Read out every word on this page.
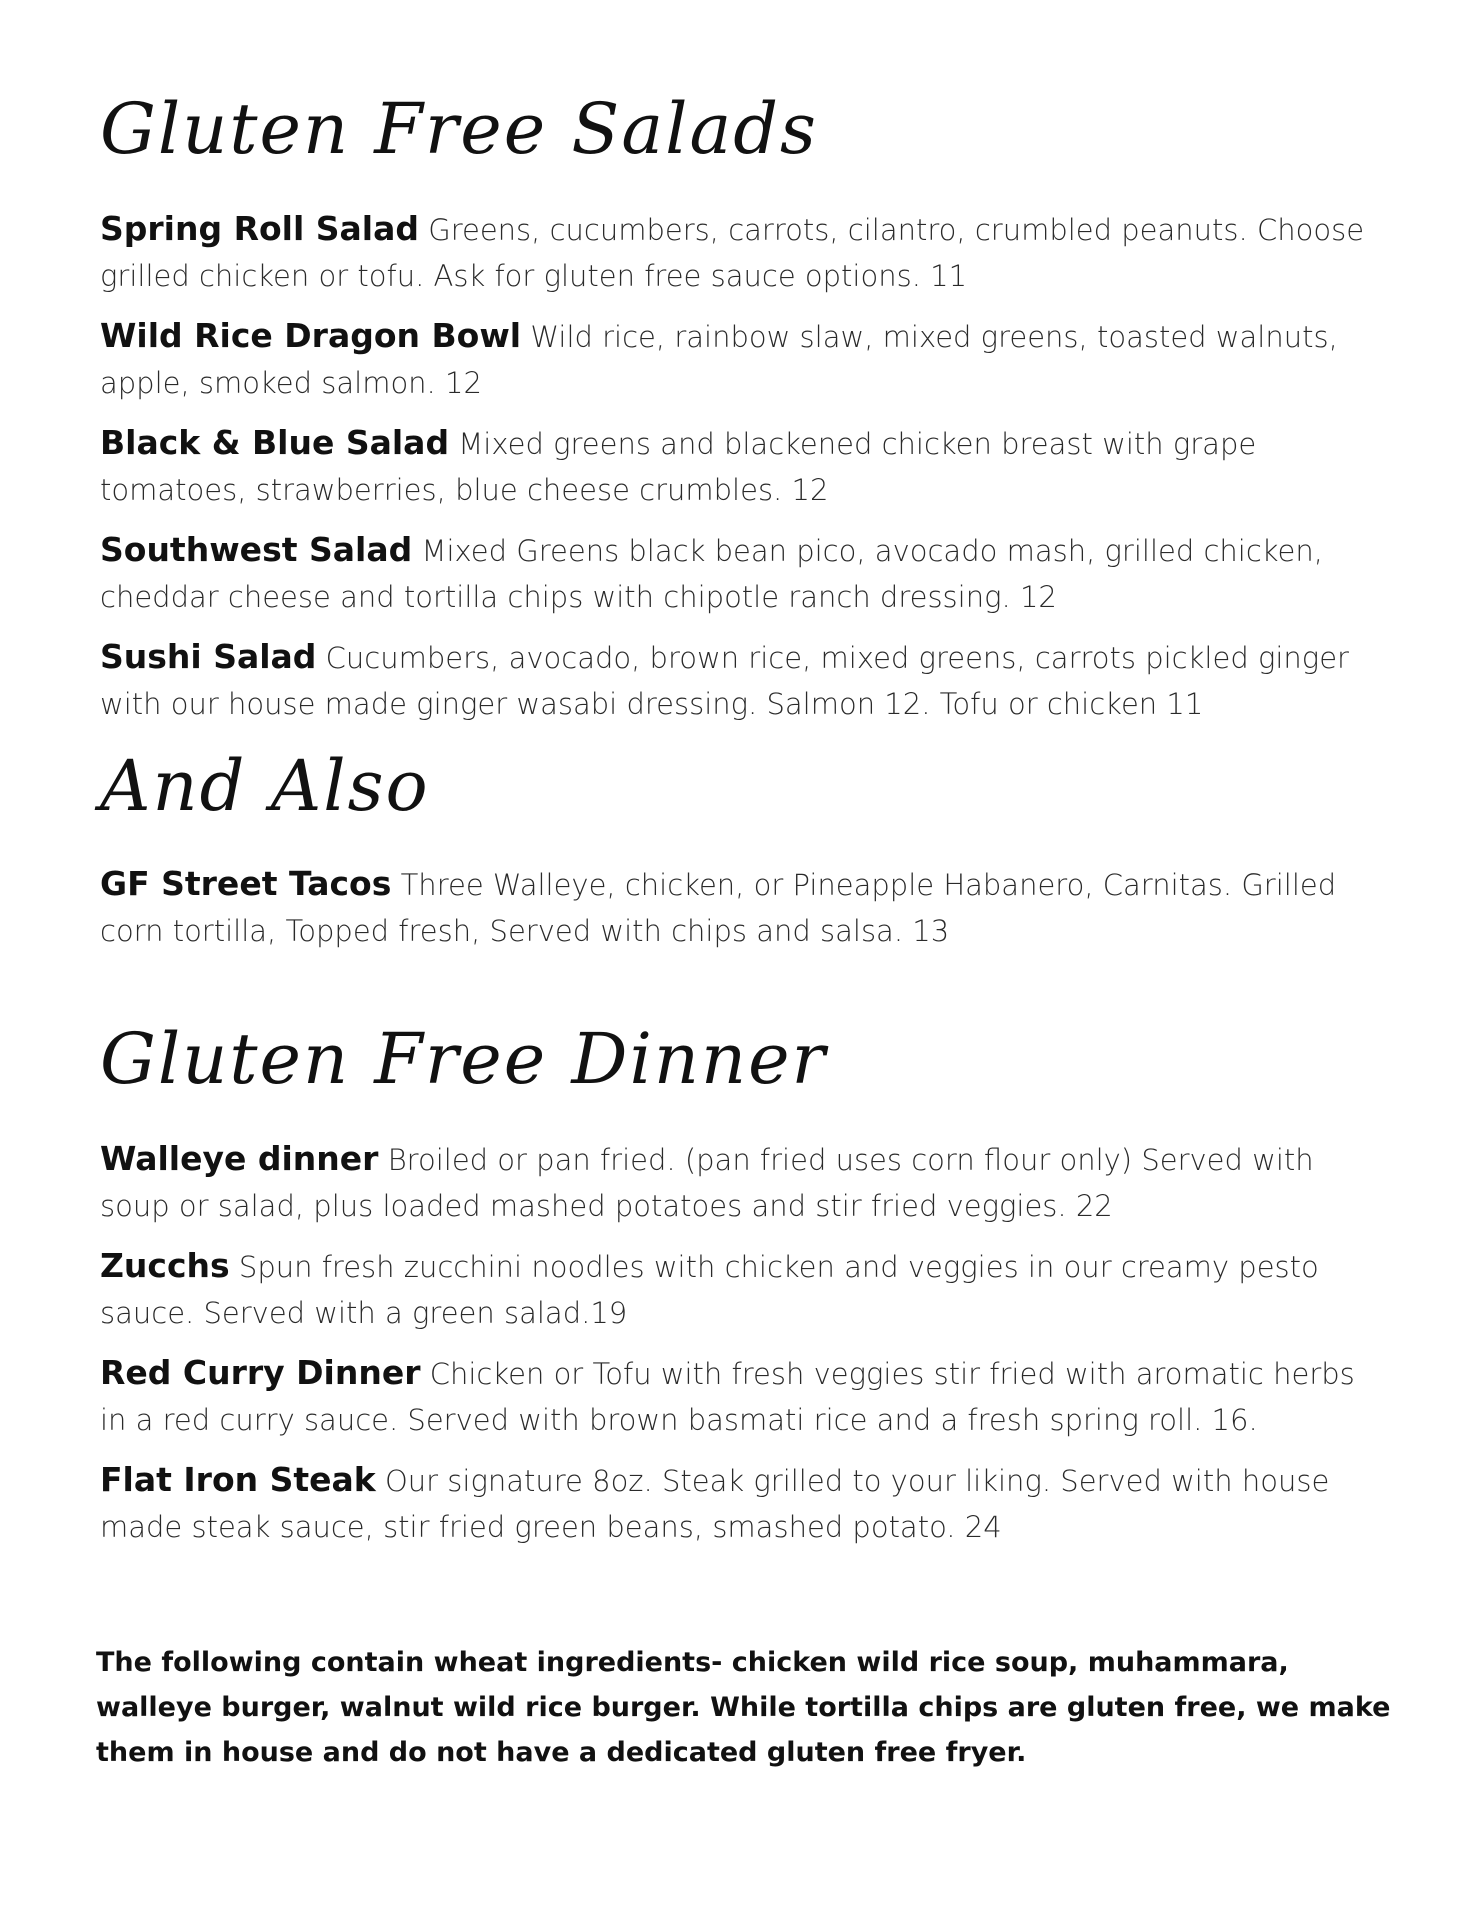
Gluten Free Salads

Spring Roll Salad Greens, cucumbers, carrots, cilantro, crumbled peanuts. Choose grilled chicken or tofu. Ask for gluten free sauce options. 11

Wild Rice Dragon Bowl Wild rice, rainbow slaw, mixed greens, toasted walnuts, apple, smoked salmon. 12

Black & Blue Salad Mixed greens and blackened chicken breast with grape tomatoes, strawberries, blue cheese crumbles. 12

Southwest Salad Mixed Greens black bean pico, avocado mash, grilled chicken, cheddar cheese and tortilla chips with chipotle ranch dressing. 12

Sushi Salad Cucumbers, avocado, brown rice, mixed greens, carrots pickled ginger with our house made ginger wasabi dressing. Salmon 12. Tofu or chicken 11

And Also

GF Street Tacos Three Walleye, chicken, or Pineapple Habanero, Carnitas. Grilled corn tortilla, Topped fresh, Served with chips and salsa. 13

Gluten Free Dinner

Walleye dinner Broiled or pan fried. (pan fried uses corn flour only) Served with soup or salad, plus loaded mashed potatoes and stir fried veggies. 22

Zucchs Spun fresh zucchini noodles with chicken and veggies in our creamy pesto sauce. Served with a green salad.19

Red Curry Dinner Chicken or Tofu with fresh veggies stir fried with aromatic herbs in a red curry sauce. Served with brown basmati rice and a fresh spring roll. 16.

Flat Iron Steak Our signature 8oz. Steak grilled to your liking. Served with house made steak sauce, stir fried green beans, smashed potato. 24

The following contain wheat ingredients- chicken wild rice soup, muhammara, walleye burger, walnut wild rice burger. While tortilla chips are gluten free, we make them in house and do not have a dedicated gluten free fryer.
